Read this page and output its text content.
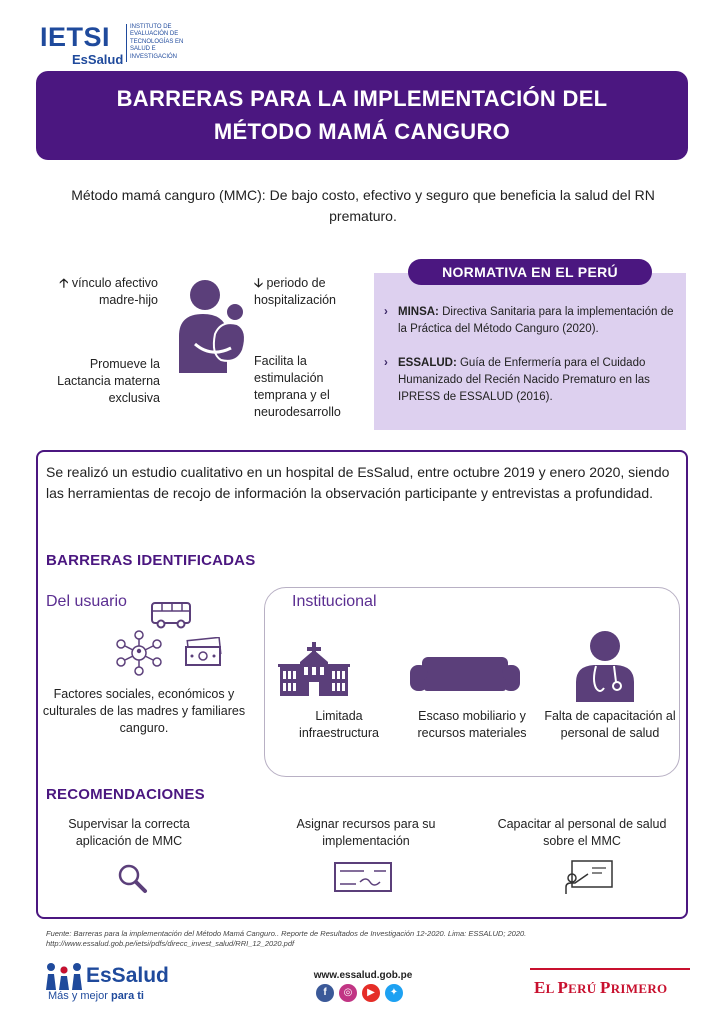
IETSI
EsSalud
INSTITUTO DE
EVALUACIÓN DE
TECNOLOGÍAS EN
SALUD E
INVESTIGACIÓN
BARRERAS PARA LA IMPLEMENTACIÓN DEL
MÉTODO MAMÁ CANGURO
Método mamá canguro (MMC): De bajo costo, efectivo y seguro que beneficia la salud del RN prematuro.
🡡 vínculo afectivo madre-hijo
Promueve la Lactancia materna exclusiva
🡣 periodo de hospitalización
Facilita la estimulación temprana y el neurodesarrollo
NORMATIVA EN EL PERÚ
› MINSA: Directiva Sanitaria para la implementación de la Práctica del Método Canguro (2020).
› ESSALUD: Guía de Enfermería para el Cuidado Humanizado del Recién Nacido Prematuro en las IPRESS de ESSALUD (2016).
Se realizó un estudio cualitativo en un hospital de EsSalud, entre octubre 2019 y enero 2020, siendo las herramientas de recojo de información la observación participante y entrevistas a profundidad.
BARRERAS IDENTIFICADAS
Del usuario
Factores sociales, económicos y culturales de las madres y familiares canguro.
Institucional
Limitada infraestructura
Escaso mobiliario y recursos materiales
Falta de capacitación al personal de salud
RECOMENDACIONES
Supervisar la correcta aplicación de MMC
Asignar recursos para su implementación
Capacitar al personal de salud sobre el MMC
Fuente: Barreras para la implementación del Método Mamá Canguro.. Reporte de Resultados de Investigación 12-2020. Lima: ESSALUD; 2020.
http://www.essalud.gob.pe/ietsi/pdfs/direcc_invest_salud/RRI_12_2020.pdf
EsSalud
Más y mejor para ti
www.essalud.gob.pe
f ◎ ▶ ✦	EL PERÚ PRIMERO
